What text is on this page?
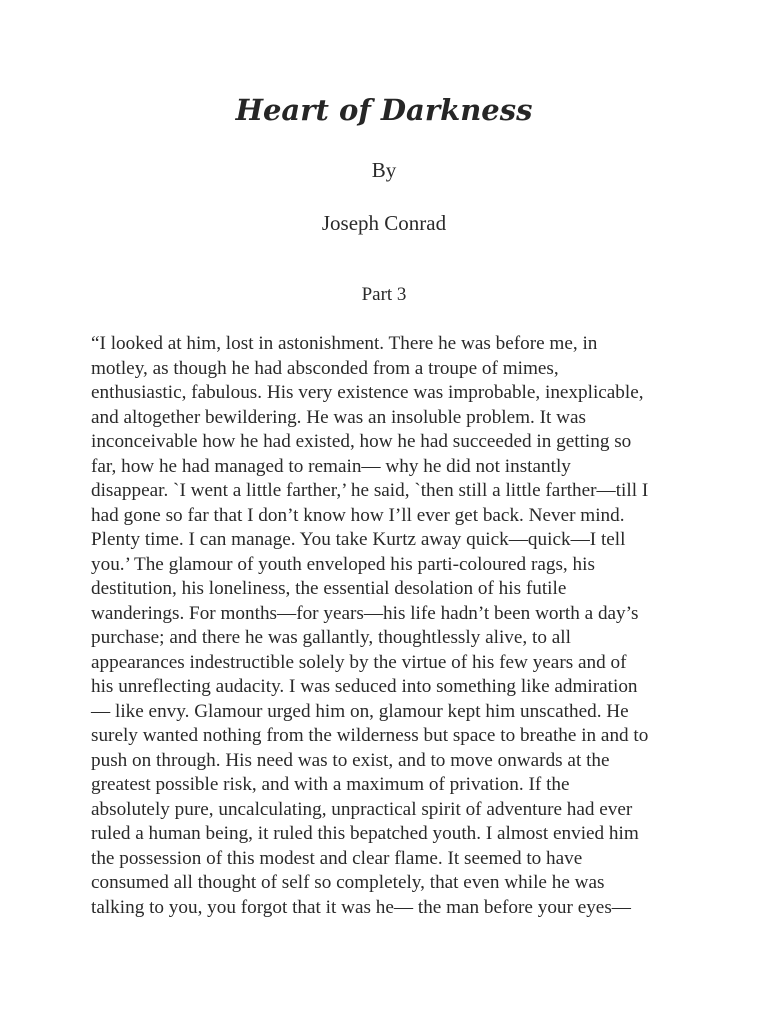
Heart of Darkness

By

Joseph Conrad

Part 3

“I looked at him, lost in astonishment. There he was before me, in
motley, as though he had absconded from a troupe of mimes,
enthusiastic, fabulous. His very existence was improbable, inexplicable,
and altogether bewildering. He was an insoluble problem. It was
inconceivable how he had existed, how he had succeeded in getting so
far, how he had managed to remain— why he did not instantly
disappear. `I went a little farther,’ he said, `then still a little farther—till I
had gone so far that I don’t know how I’ll ever get back. Never mind.
Plenty time. I can manage. You take Kurtz away quick—quick—I tell
you.’ The glamour of youth enveloped his parti-coloured rags, his
destitution, his loneliness, the essential desolation of his futile
wanderings. For months—for years—his life hadn’t been worth a day’s
purchase; and there he was gallantly, thoughtlessly alive, to all
appearances indestructible solely by the virtue of his few years and of
his unreflecting audacity. I was seduced into something like admiration
— like envy. Glamour urged him on, glamour kept him unscathed. He
surely wanted nothing from the wilderness but space to breathe in and to
push on through. His need was to exist, and to move onwards at the
greatest possible risk, and with a maximum of privation. If the
absolutely pure, uncalculating, unpractical spirit of adventure had ever
ruled a human being, it ruled this bepatched youth. I almost envied him
the possession of this modest and clear flame. It seemed to have
consumed all thought of self so completely, that even while he was
talking to you, you forgot that it was he— the man before your eyes—
